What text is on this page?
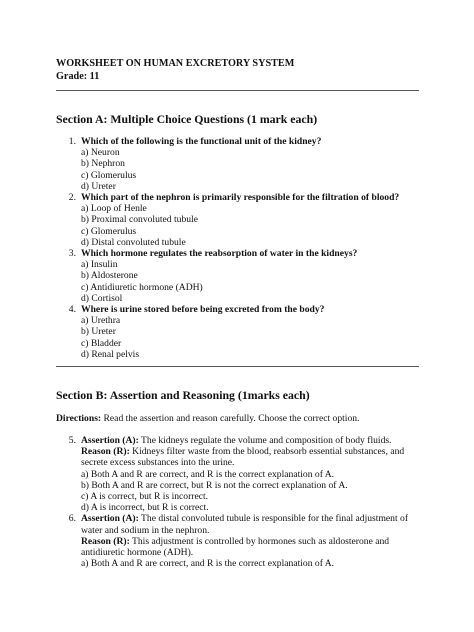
WORKSHEET ON HUMAN EXCRETORY SYSTEM
Grade: 11
Section A: Multiple Choice Questions (1 mark each)
1. Which of the following is the functional unit of the kidney?
a) Neuron
b) Nephron
c) Glomerulus
d) Ureter
2. Which part of the nephron is primarily responsible for the filtration of blood?
a) Loop of Henle
b) Proximal convoluted tubule
c) Glomerulus
d) Distal convoluted tubule
3. Which hormone regulates the reabsorption of water in the kidneys?
a) Insulin
b) Aldosterone
c) Antidiuretic hormone (ADH)
d) Cortisol
4. Where is urine stored before being excreted from the body?
a) Urethra
b) Ureter
c) Bladder
d) Renal pelvis
Section B: Assertion and Reasoning (1marks each)
Directions: Read the assertion and reason carefully. Choose the correct option.
5. Assertion (A): The kidneys regulate the volume and composition of body fluids.
Reason (R): Kidneys filter waste from the blood, reabsorb essential substances, and secrete excess substances into the urine.
a) Both A and R are correct, and R is the correct explanation of A.
b) Both A and R are correct, but R is not the correct explanation of A.
c) A is correct, but R is incorrect.
d) A is incorrect, but R is correct.
6. Assertion (A): The distal convoluted tubule is responsible for the final adjustment of water and sodium in the nephron.
Reason (R): This adjustment is controlled by hormones such as aldosterone and antidiuretic hormone (ADH).
a) Both A and R are correct, and R is the correct explanation of A.
